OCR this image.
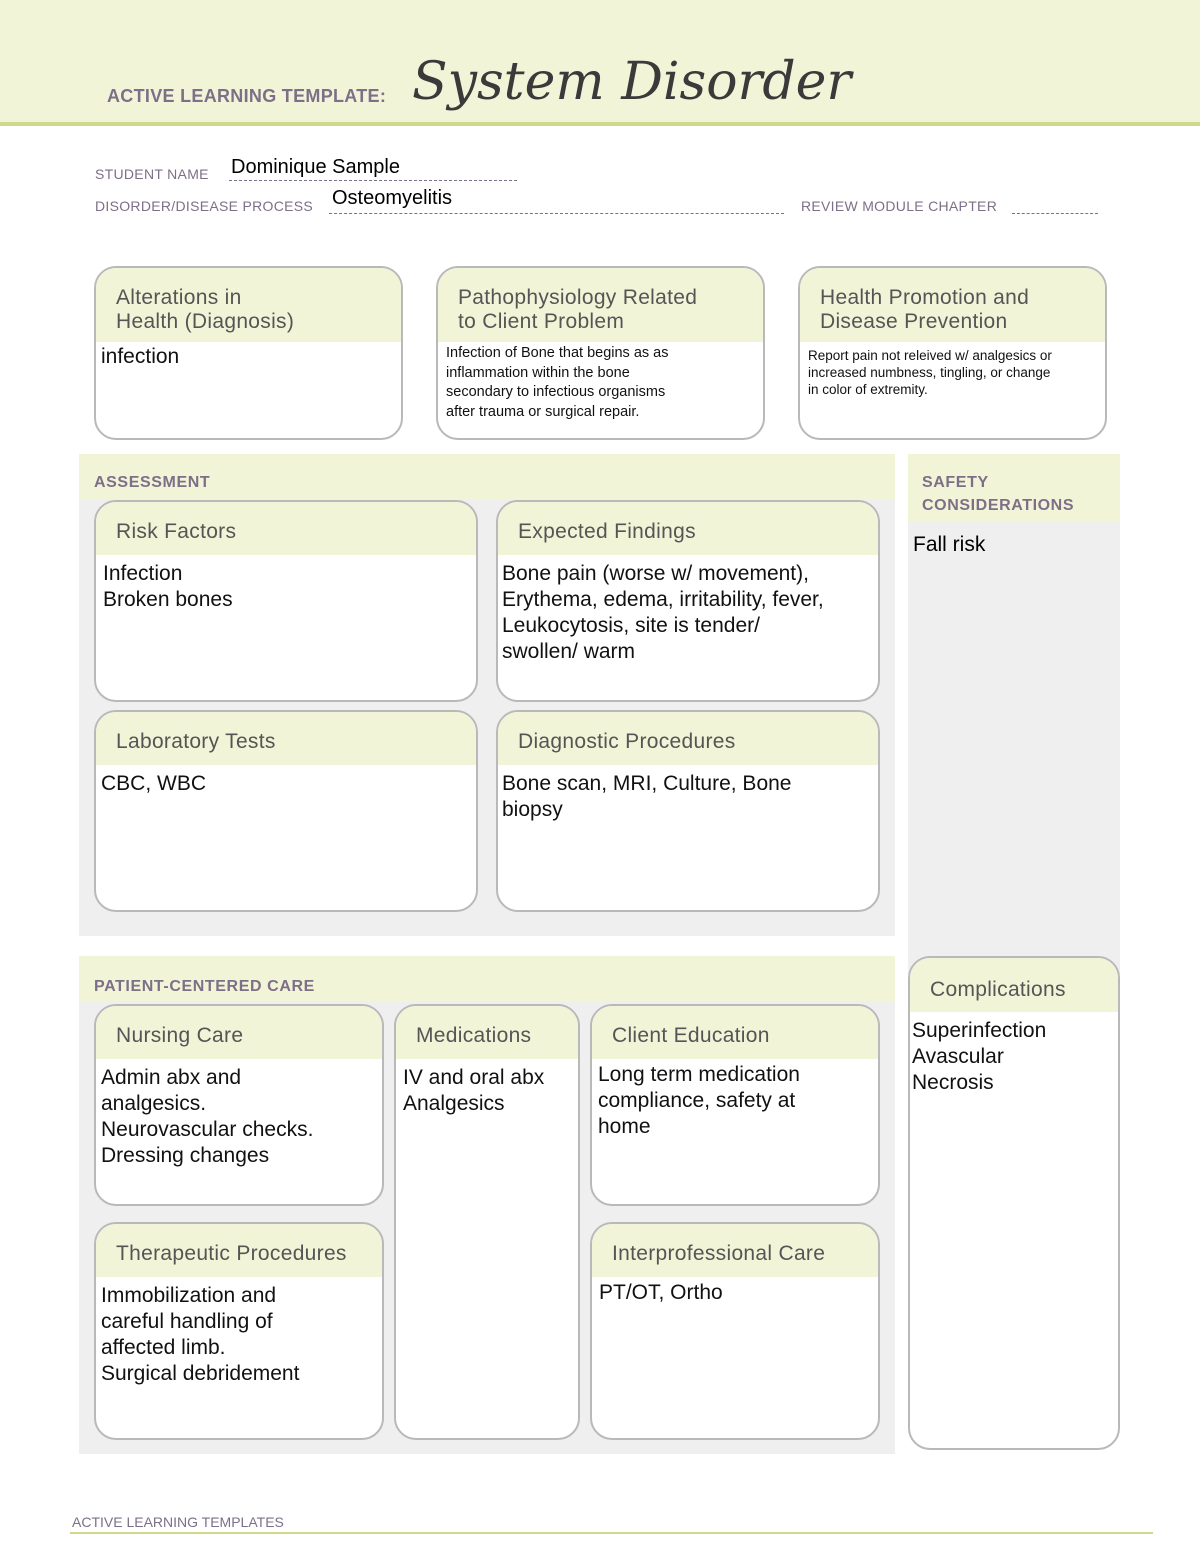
ACTIVE LEARNING TEMPLATE: System Disorder
STUDENT NAME Dominique Sample
DISORDER/DISEASE PROCESS Osteomyelitis	REVIEW MODULE CHAPTER
Alterations in
Health (Diagnosis)
infection
Pathophysiology Related
to Client Problem
Infection of Bone that begins as as
inflammation within the bone
secondary to infectious organisms
after trauma or surgical repair.
Health Promotion and
Disease Prevention
Report pain not releived w/ analgesics or
increased numbness, tingling, or change
in color of extremity.
ASSESSMENT
Risk Factors
Infection
Broken bones
Expected Findings
Bone pain (worse w/ movement),
Erythema, edema, irritability, fever,
Leukocytosis, site is tender/
swollen/ warm
Laboratory Tests
CBC, WBC
Diagnostic Procedures
Bone scan, MRI, Culture, Bone
biopsy
SAFETY
CONSIDERATIONS
Fall risk
PATIENT-CENTERED CARE
Nursing Care
Admin abx and
analgesics.
Neurovascular checks.
Dressing changes
Medications
IV and oral abx
Analgesics
Client Education
Long term medication
compliance, safety at
home
Therapeutic Procedures
Immobilization and
careful handling of
affected limb.
Surgical debridement
Interprofessional Care
PT/OT, Ortho
Complications
Superinfection
Avascular
Necrosis
ACTIVE LEARNING TEMPLATES
